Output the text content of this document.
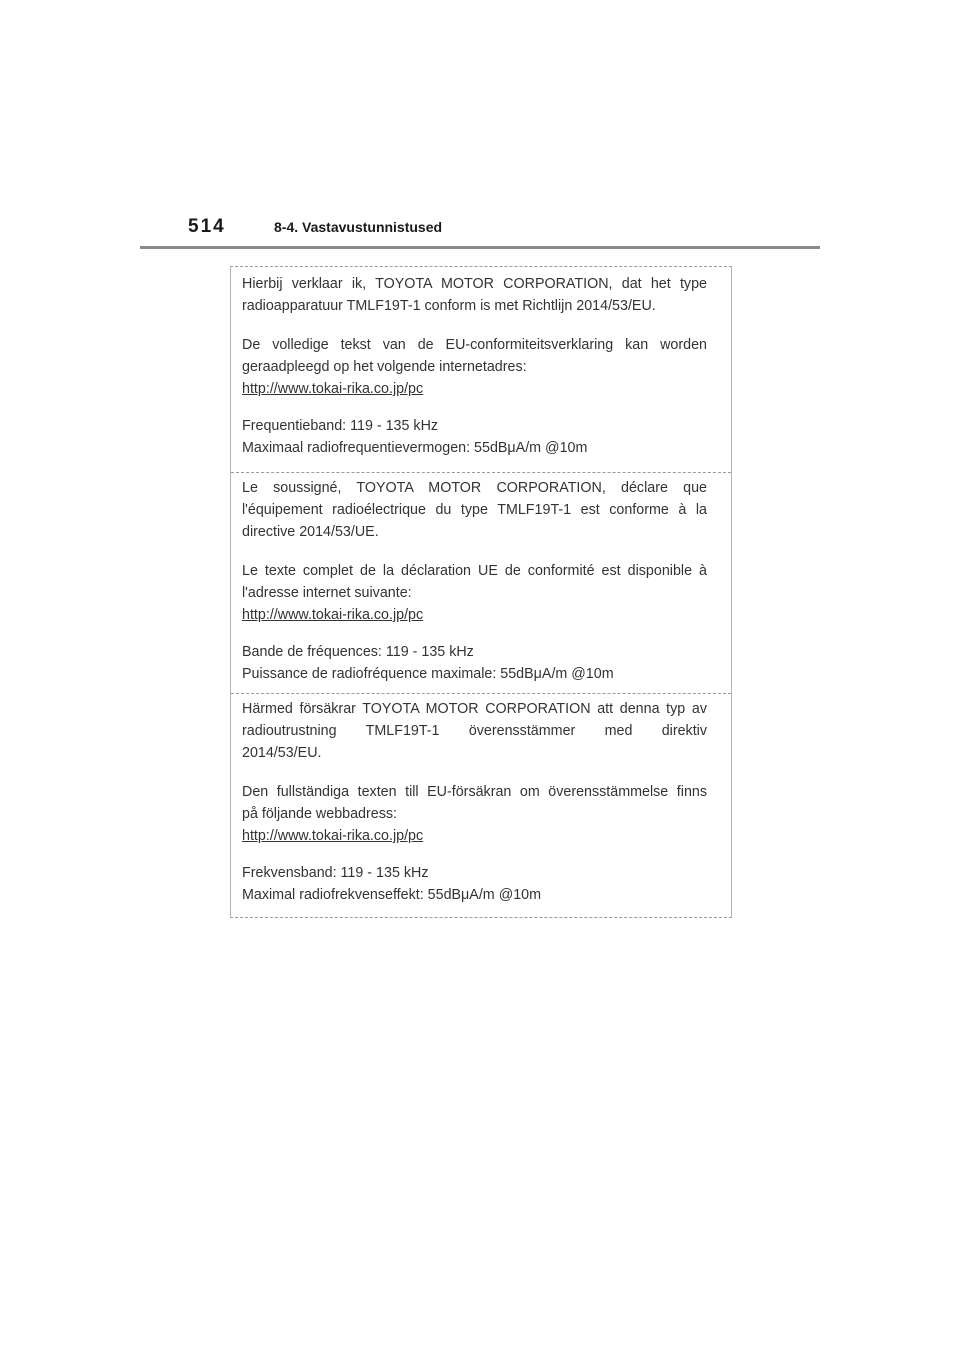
514	8-4. Vastavustunnistused

Hierbij verklaar ik, TOYOTA MOTOR CORPORATION, dat het type
radioapparatuur TMLF19T-1 conform is met Richtlijn 2014/53/EU.

De volledige tekst van de EU-conformiteitsverklaring kan worden
geraadpleegd op het volgende internetadres:
http://www.tokai-rika.co.jp/pc

Frequentieband: 119 - 135 kHz
Maximaal radiofrequentievermogen: 55dBμA/m @10m

Le soussigné, TOYOTA MOTOR CORPORATION, déclare que
l'équipement radioélectrique du type TMLF19T-1 est conforme à la
directive 2014/53/UE.

Le texte complet de la déclaration UE de conformité est disponible à
l'adresse internet suivante:
http://www.tokai-rika.co.jp/pc

Bande de fréquences: 119 - 135 kHz
Puissance de radiofréquence maximale: 55dBμA/m @10m

Härmed försäkrar TOYOTA MOTOR CORPORATION att denna typ av
radioutrustning TMLF19T-1 överensstämmer med direktiv
2014/53/EU.

Den fullständiga texten till EU-försäkran om överensstämmelse finns
på följande webbadress:
http://www.tokai-rika.co.jp/pc

Frekvensband: 119 - 135 kHz
Maximal radiofrekvenseffekt: 55dBμA/m @10m
